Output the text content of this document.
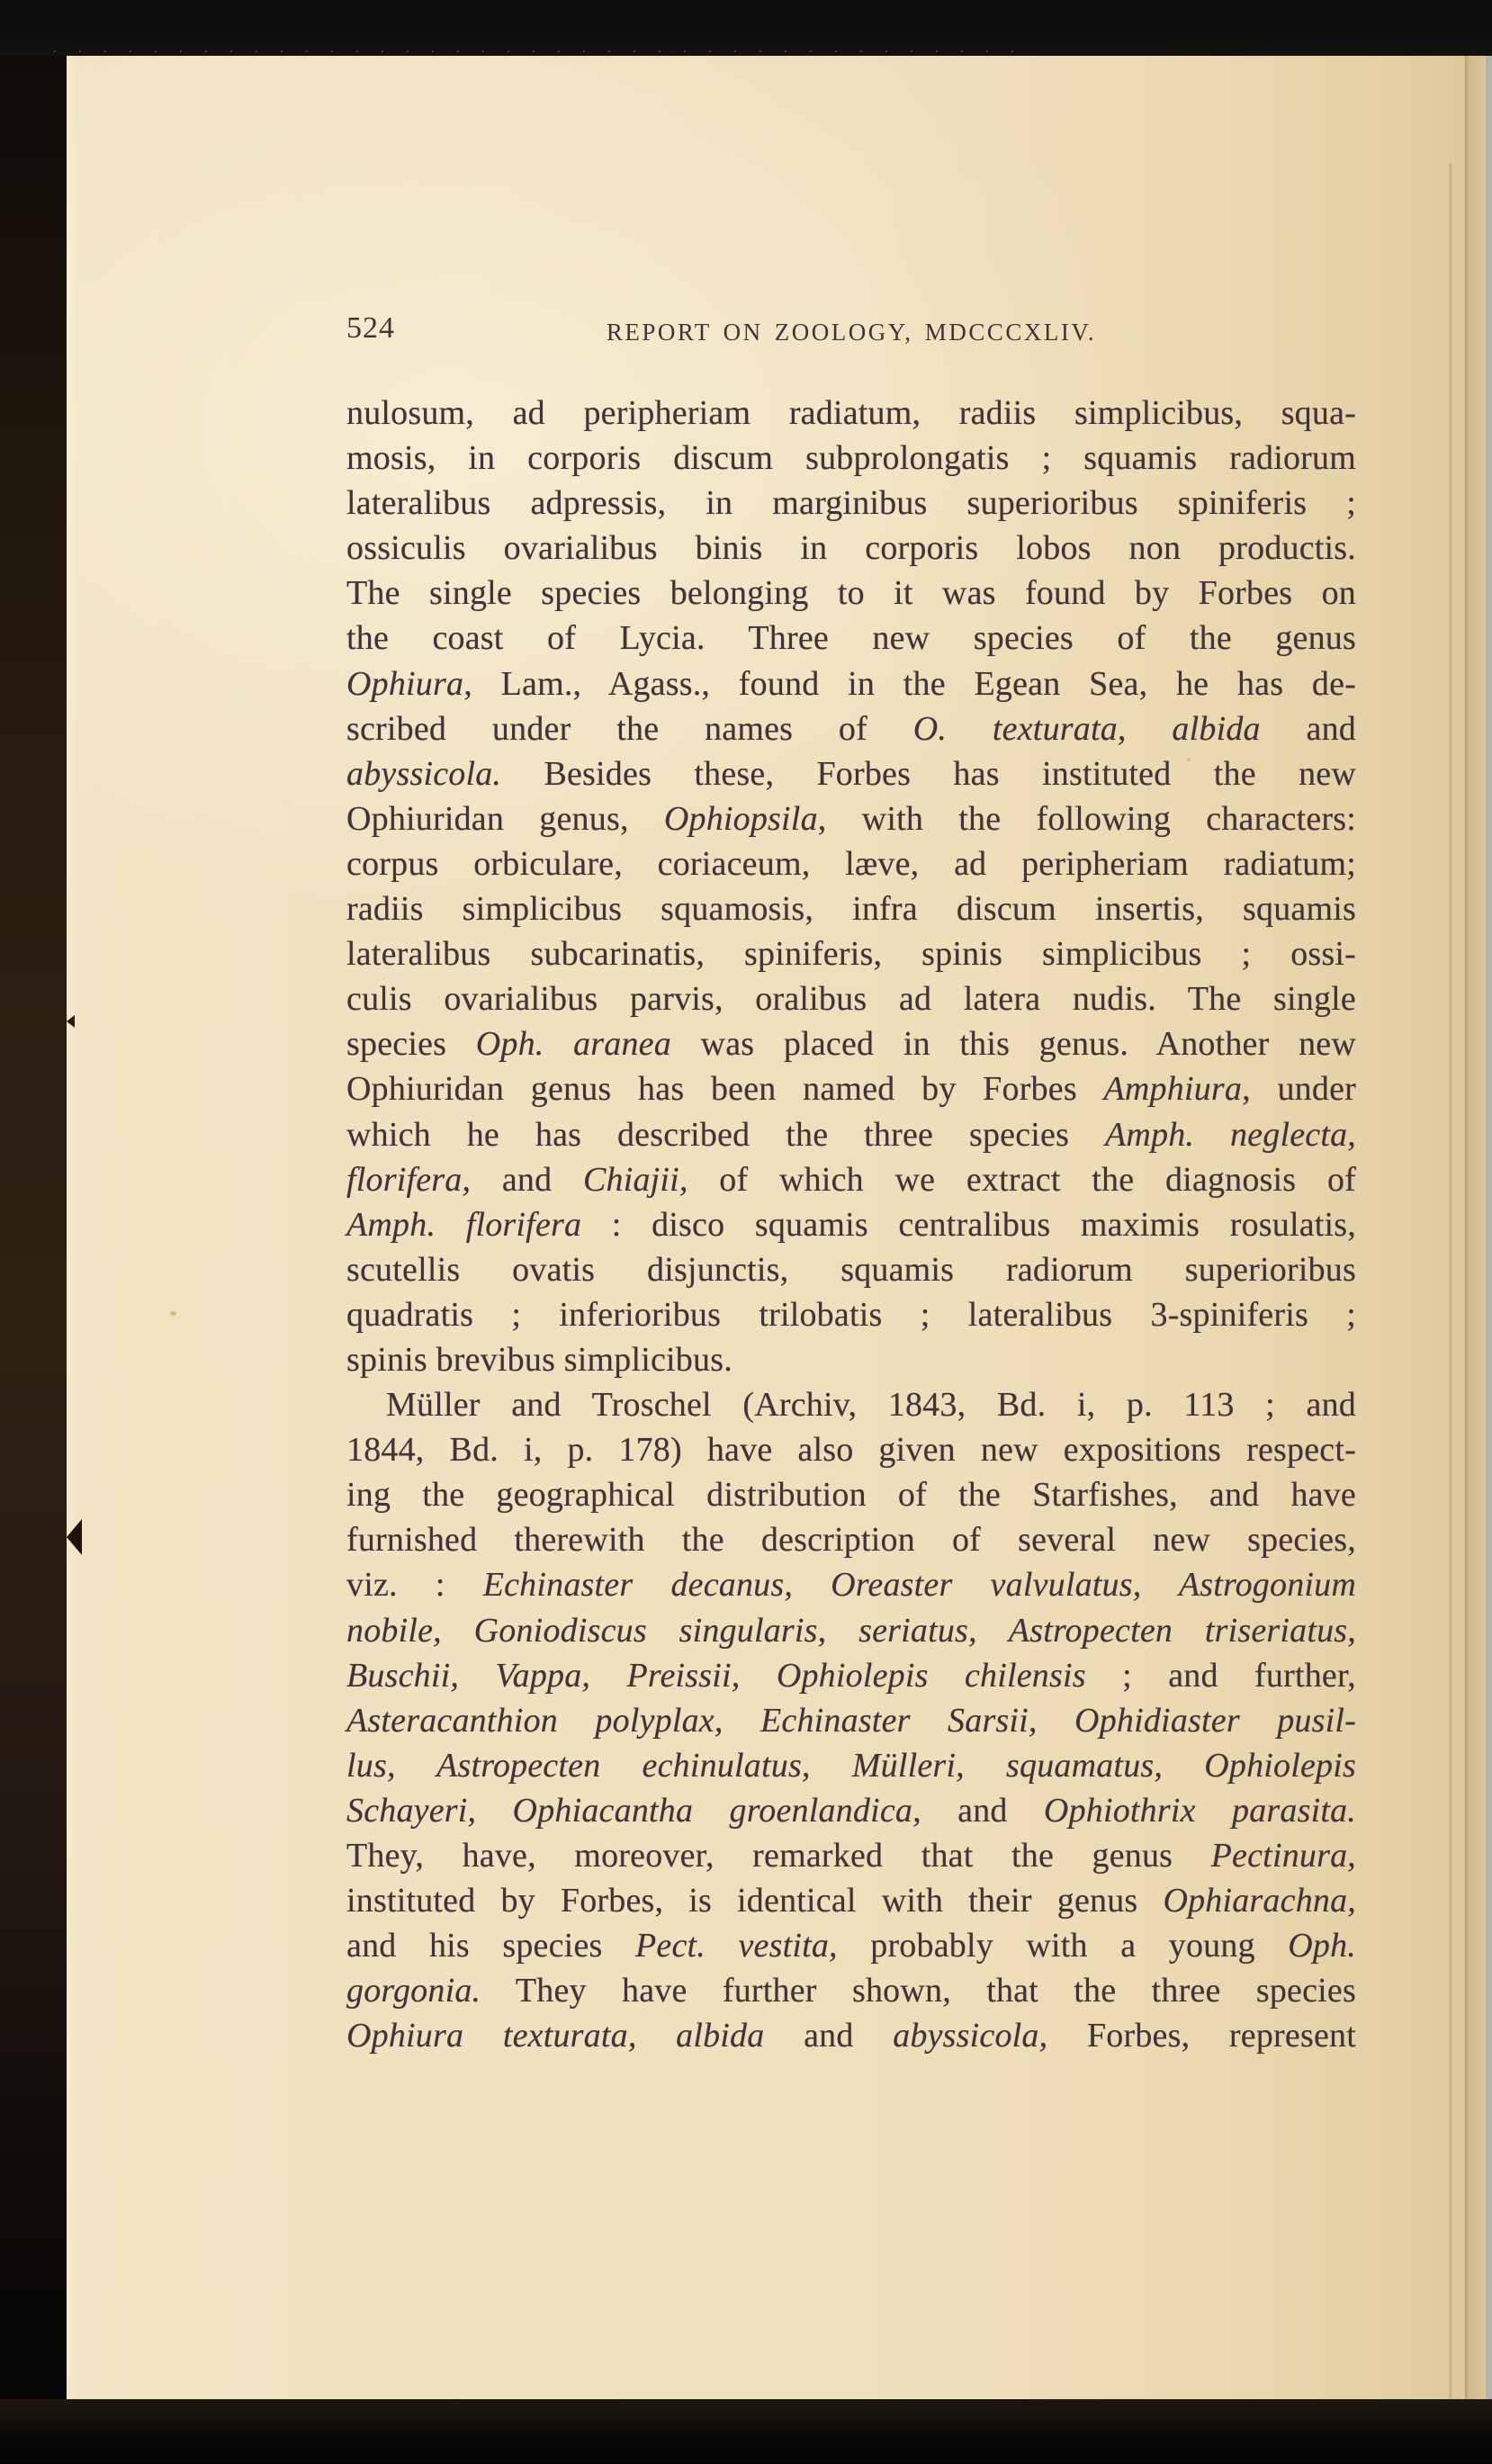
524	REPORT ON ZOOLOGY, MDCCCXLIV.
nulosum, ad peripheriam radiatum, radiis simplicibus, squa-
mosis, in corporis discum subprolongatis ; squamis radiorum
lateralibus adpressis, in marginibus superioribus spiniferis ;
ossiculis ovarialibus binis in corporis lobos non productis.
The single species belonging to it was found by Forbes on
the coast of Lycia. Three new species of the genus
Ophiura, Lam., Agass., found in the Egean Sea, he has de-
scribed under the names of O. texturata, albida and
abyssicola. Besides these, Forbes has instituted the new
Ophiuridan genus, Ophiopsila, with the following characters:
corpus orbiculare, coriaceum, læve, ad peripheriam radiatum;
radiis simplicibus squamosis, infra discum insertis, squamis
lateralibus subcarinatis, spiniferis, spinis simplicibus ; ossi-
culis ovarialibus parvis, oralibus ad latera nudis. The single
species Oph. aranea was placed in this genus. Another new
Ophiuridan genus has been named by Forbes Amphiura, under
which he has described the three species Amph. neglecta,
florifera, and Chiajii, of which we extract the diagnosis of
Amph. florifera : disco squamis centralibus maximis rosulatis,
scutellis ovatis disjunctis, squamis radiorum superioribus
quadratis ; inferioribus trilobatis ; lateralibus 3-spiniferis ;
spinis brevibus simplicibus.
Müller and Troschel (Archiv, 1843, Bd. i, p. 113 ; and
1844, Bd. i, p. 178) have also given new expositions respect-
ing the geographical distribution of the Starfishes, and have
furnished therewith the description of several new species,
viz. : Echinaster decanus, Oreaster valvulatus, Astrogonium
nobile, Goniodiscus singularis, seriatus, Astropecten triseriatus,
Buschii, Vappa, Preissii, Ophiolepis chilensis ; and further,
Asteracanthion polyplax, Echinaster Sarsii, Ophidiaster pusil-
lus, Astropecten echinulatus, Mülleri, squamatus, Ophiolepis
Schayeri, Ophiacantha groenlandica, and Ophiothrix parasita.
They, have, moreover, remarked that the genus Pectinura,
instituted by Forbes, is identical with their genus Ophiarachna,
and his species Pect. vestita, probably with a young Oph.
gorgonia. They have further shown, that the three species
Ophiura texturata, albida and abyssicola, Forbes, represent
